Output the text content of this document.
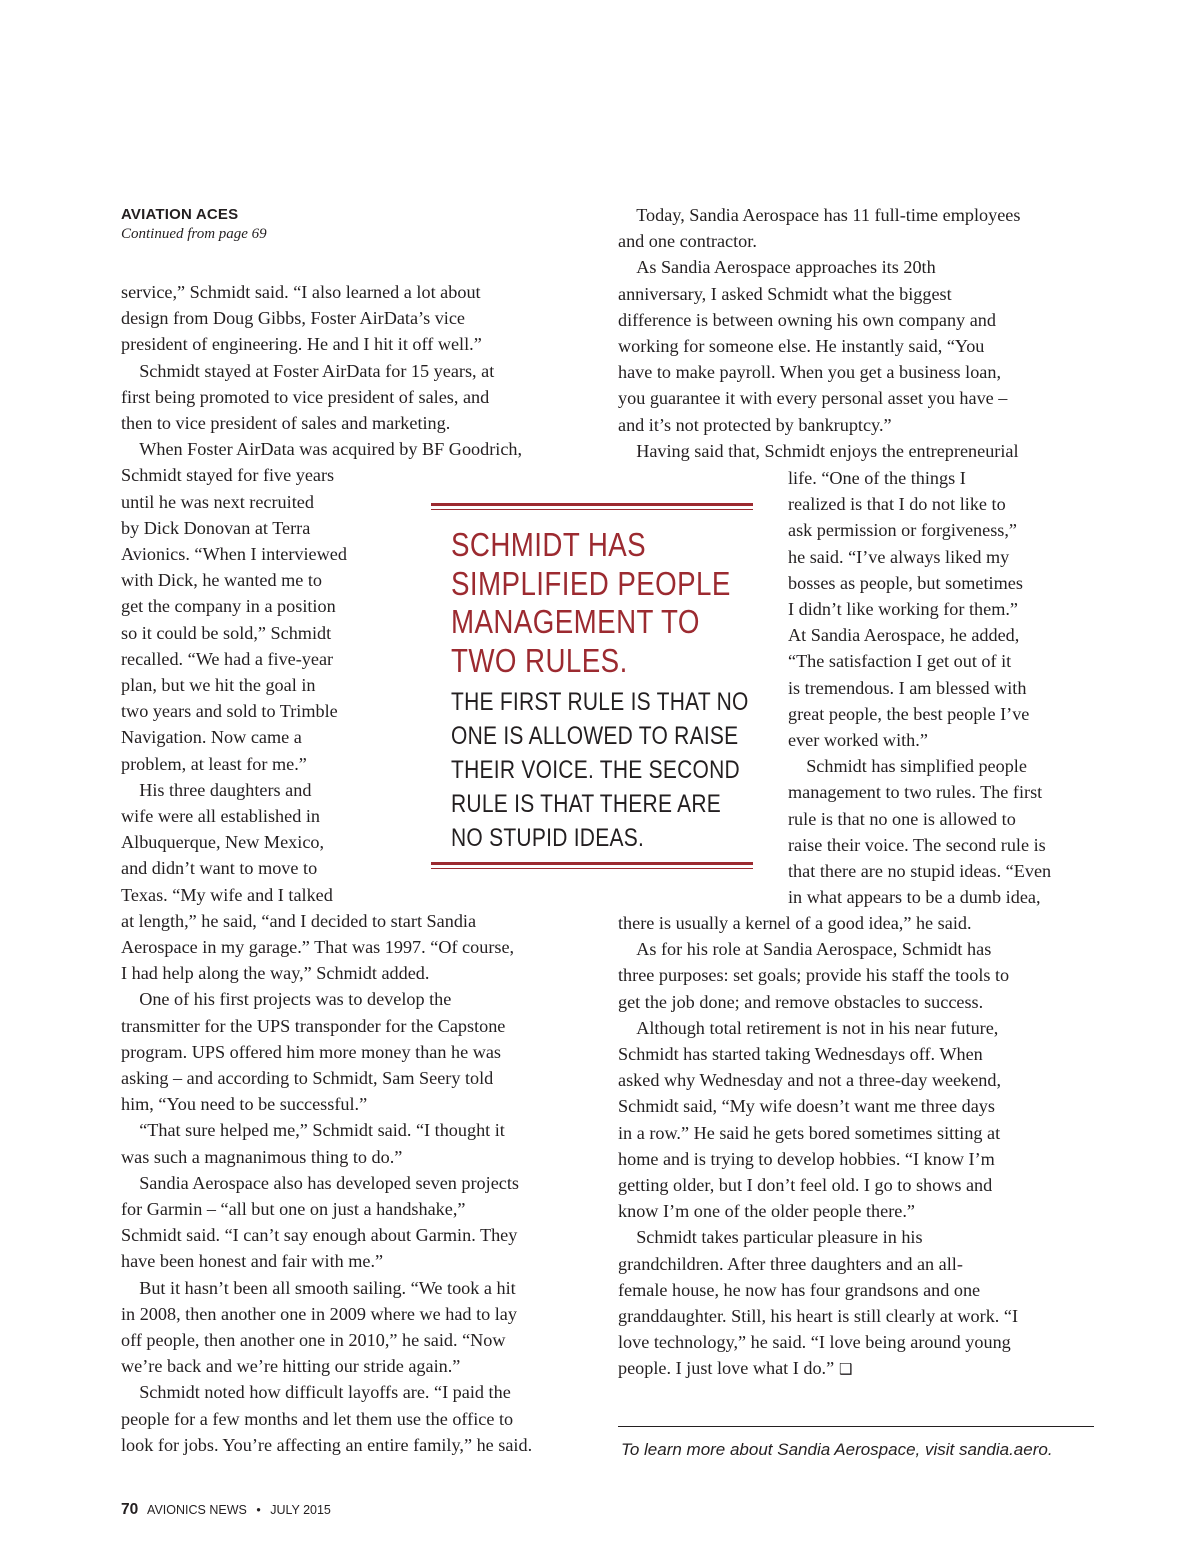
AVIATION ACES
Continued from page 69
service,” Schmidt said. “I also learned a lot about
design from Doug Gibbs, Foster AirData’s vice
president of engineering. He and I hit it off well.”
 Schmidt stayed at Foster AirData for 15 years, at
first being promoted to vice president of sales, and
then to vice president of sales and marketing.
 When Foster AirData was acquired by BF Goodrich,
Schmidt stayed for five years
until he was next recruited
by Dick Donovan at Terra
Avionics. “When I interviewed
with Dick, he wanted me to
get the company in a position
so it could be sold,” Schmidt
recalled. “We had a five-year
plan, but we hit the goal in
two years and sold to Trimble
Navigation. Now came a
problem, at least for me.”
 His three daughters and
wife were all established in
Albuquerque, New Mexico,
and didn’t want to move to
Texas. “My wife and I talked
at length,” he said, “and I decided to start Sandia
Aerospace in my garage.” That was 1997. “Of course,
I had help along the way,” Schmidt added.
 One of his first projects was to develop the
transmitter for the UPS transponder for the Capstone
program. UPS offered him more money than he was
asking – and according to Schmidt, Sam Seery told
him, “You need to be successful.”
 “That sure helped me,” Schmidt said. “I thought it
was such a magnanimous thing to do.”
 Sandia Aerospace also has developed seven projects
for Garmin – “all but one on just a handshake,”
Schmidt said. “I can’t say enough about Garmin. They
have been honest and fair with me.”
 But it hasn’t been all smooth sailing. “We took a hit
in 2008, then another one in 2009 where we had to lay
off people, then another one in 2010,” he said. “Now
we’re back and we’re hitting our stride again.”
 Schmidt noted how difficult layoffs are. “I paid the
people for a few months and let them use the office to
look for jobs. You’re affecting an entire family,” he said.
 Today, Sandia Aerospace has 11 full-time employees
and one contractor.
 As Sandia Aerospace approaches its 20th
anniversary, I asked Schmidt what the biggest
difference is between owning his own company and
working for someone else. He instantly said, “You
have to make payroll. When you get a business loan,
you guarantee it with every personal asset you have –
and it’s not protected by bankruptcy.”
 Having said that, Schmidt enjoys the entrepreneurial
life. “One of the things I
realized is that I do not like to
ask permission or forgiveness,”
he said. “I’ve always liked my
bosses as people, but sometimes
I didn’t like working for them.”
At Sandia Aerospace, he added,
“The satisfaction I get out of it
is tremendous. I am blessed with
great people, the best people I’ve
ever worked with.”
 Schmidt has simplified people
management to two rules. The first
rule is that no one is allowed to
raise their voice. The second rule is
that there are no stupid ideas. “Even
in what appears to be a dumb idea,
there is usually a kernel of a good idea,” he said.
 As for his role at Sandia Aerospace, Schmidt has
three purposes: set goals; provide his staff the tools to
get the job done; and remove obstacles to success.
 Although total retirement is not in his near future,
Schmidt has started taking Wednesdays off. When
asked why Wednesday and not a three-day weekend,
Schmidt said, “My wife doesn’t want me three days
in a row.” He said he gets bored sometimes sitting at
home and is trying to develop hobbies. “I know I’m
getting older, but I don’t feel old. I go to shows and
know I’m one of the older people there.”
 Schmidt takes particular pleasure in his
grandchildren. After three daughters and an all-
female house, he now has four grandsons and one
granddaughter. Still, his heart is still clearly at work. “I
love technology,” he said. “I love being around young
people. I just love what I do.” ❑
SCHMIDT HAS
SIMPLIFIED PEOPLE
MANAGEMENT TO
TWO RULES.
THE FIRST RULE IS THAT NO
ONE IS ALLOWED TO RAISE
THEIR VOICE. THE SECOND
RULE IS THAT THERE ARE
NO STUPID IDEAS.
To learn more about Sandia Aerospace, visit sandia.aero.
70 AVIONICS NEWS • JULY 2015
